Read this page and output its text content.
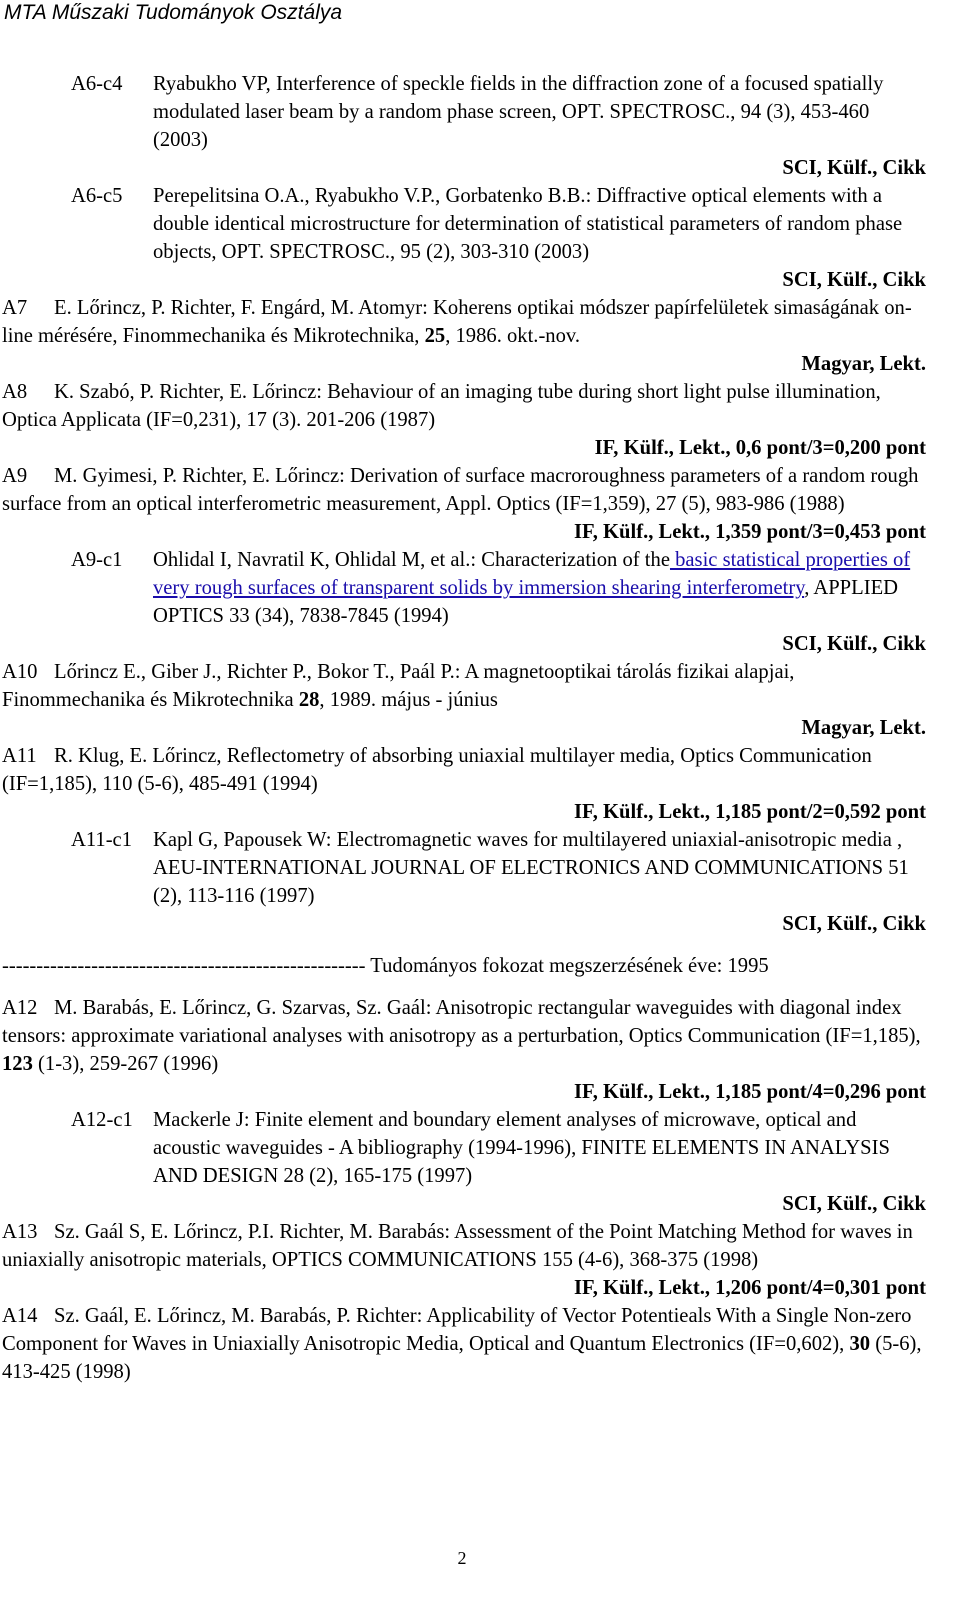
MTA Műszaki Tudományok Osztálya
A6-c4 Ryabukho VP, Interference of speckle fields in the diffraction zone of a focused spatially modulated laser beam by a random phase screen, OPT. SPECTROSC., 94 (3), 453-460 (2003)
SCI, Külf., Cikk
A6-c5 Perepelitsina O.A., Ryabukho V.P., Gorbatenko B.B.: Diffractive optical elements with a double identical microstructure for determination of statistical parameters of random phase objects, OPT. SPECTROSC., 95 (2), 303-310 (2003)
SCI, Külf., Cikk
A7 E. Lőrincz, P. Richter, F. Engárd, M. Atomyr: Koherens optikai módszer papírfelületek simaságának on-line mérésére, Finommechanika és Mikrotechnika, 25, 1986. okt.-nov.
Magyar, Lekt.
A8 K. Szabó, P. Richter, E. Lőrincz: Behaviour of an imaging tube during short light pulse illumination, Optica Applicata (IF=0,231), 17 (3). 201-206 (1987)
IF, Külf., Lekt., 0,6 pont/3=0,200 pont
A9 M. Gyimesi, P. Richter, E. Lőrincz: Derivation of surface macroroughness parameters of a random rough surface from an optical interferometric measurement, Appl. Optics (IF=1,359), 27 (5), 983-986 (1988)
IF, Külf., Lekt., 1,359 pont/3=0,453 pont
A9-c1 Ohlidal I, Navratil K, Ohlidal M, et al.: Characterization of the basic statistical properties of very rough surfaces of transparent solids by immersion shearing interferometry, APPLIED OPTICS 33 (34), 7838-7845 (1994)
SCI, Külf., Cikk
A10 Lőrincz E., Giber J., Richter P., Bokor T., Paál P.: A magnetooptikai tárolás fizikai alapjai, Finommechanika és Mikrotechnika 28, 1989. május - június
Magyar, Lekt.
A11 R. Klug, E. Lőrincz, Reflectometry of absorbing uniaxial multilayer media, Optics Communication (IF=1,185), 110 (5-6), 485-491 (1994)
IF, Külf., Lekt., 1,185 pont/2=0,592 pont
A11-c1 Kapl G, Papousek W: Electromagnetic waves for multilayered uniaxial-anisotropic media , AEU-INTERNATIONAL JOURNAL OF ELECTRONICS AND COMMUNICATIONS 51 (2), 113-116 (1997)
SCI, Külf., Cikk
----------------------------------------------------- Tudományos fokozat megszerzésének éve: 1995
A12 M. Barabás, E. Lőrincz, G. Szarvas, Sz. Gaál: Anisotropic rectangular waveguides with diagonal index tensors: approximate variational analyses with anisotropy as a perturbation, Optics Communication (IF=1,185), 123 (1-3), 259-267 (1996)
IF, Külf., Lekt., 1,185 pont/4=0,296 pont
A12-c1 Mackerle J: Finite element and boundary element analyses of microwave, optical and acoustic waveguides - A bibliography (1994-1996), FINITE ELEMENTS IN ANALYSIS AND DESIGN 28 (2), 165-175 (1997)
SCI, Külf., Cikk
A13 Sz. Gaál S, E. Lőrincz, P.I. Richter, M. Barabás: Assessment of the Point Matching Method for waves in uniaxially anisotropic materials, OPTICS COMMUNICATIONS 155 (4-6), 368-375 (1998)
IF, Külf., Lekt., 1,206 pont/4=0,301 pont
A14 Sz. Gaál, E. Lőrincz, M. Barabás, P. Richter: Applicability of Vector Potentieals With a Single Non-zero Component for Waves in Uniaxially Anisotropic Media, Optical and Quantum Electronics (IF=0,602), 30 (5-6), 413-425 (1998)
2
